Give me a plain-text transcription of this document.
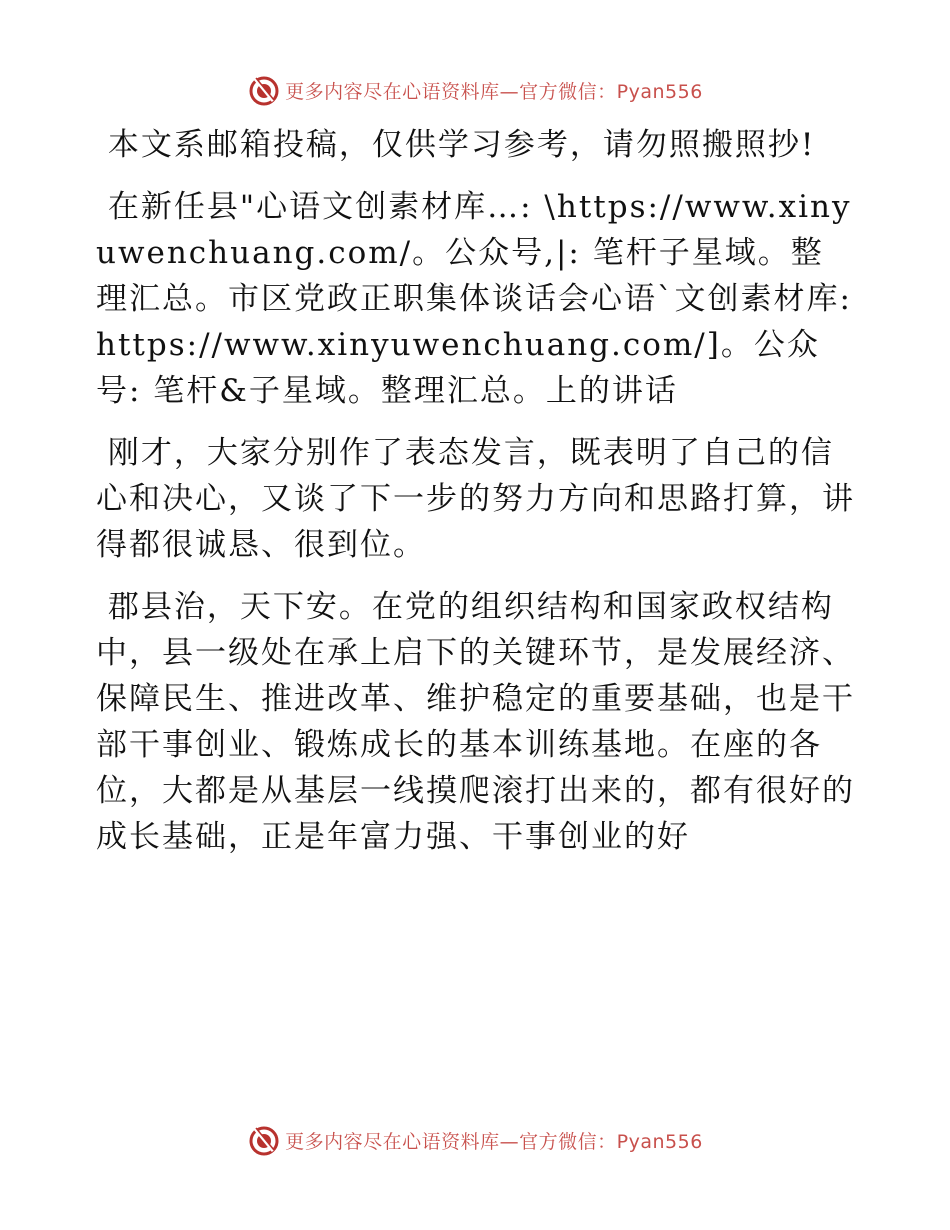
更多内容尽在心语资料库—官方微信：Pyan556

本文系邮箱投稿，仅供学习参考，请勿照搬照抄!

在新任县"心语文创素材库…: \https://www.xinyuwenchuang.com/。公众号,|: 笔杆子星域。整理汇总。市区党政正职集体谈话会心语`文创素材库: https://www.xinyuwenchuang.com/]。公众号: 笔杆&子星域。整理汇总。上的讲话

刚才，大家分别作了表态发言，既表明了自己的信心和决心，又谈了下一步的努力方向和思路打算，讲得都很诚恳、很到位。

郡县治，天下安。在党的组织结构和国家政权结构中，县一级处在承上启下的关键环节，是发展经济、保障民生、推进改革、维护稳定的重要基础，也是干部干事创业、锻炼成长的基本训练基地。在座的各位，大都是从基层一线摸爬滚打出来的，都有很好的成长基础，正是年富力强、干事创业的好

更多内容尽在心语资料库—官方微信：Pyan556
